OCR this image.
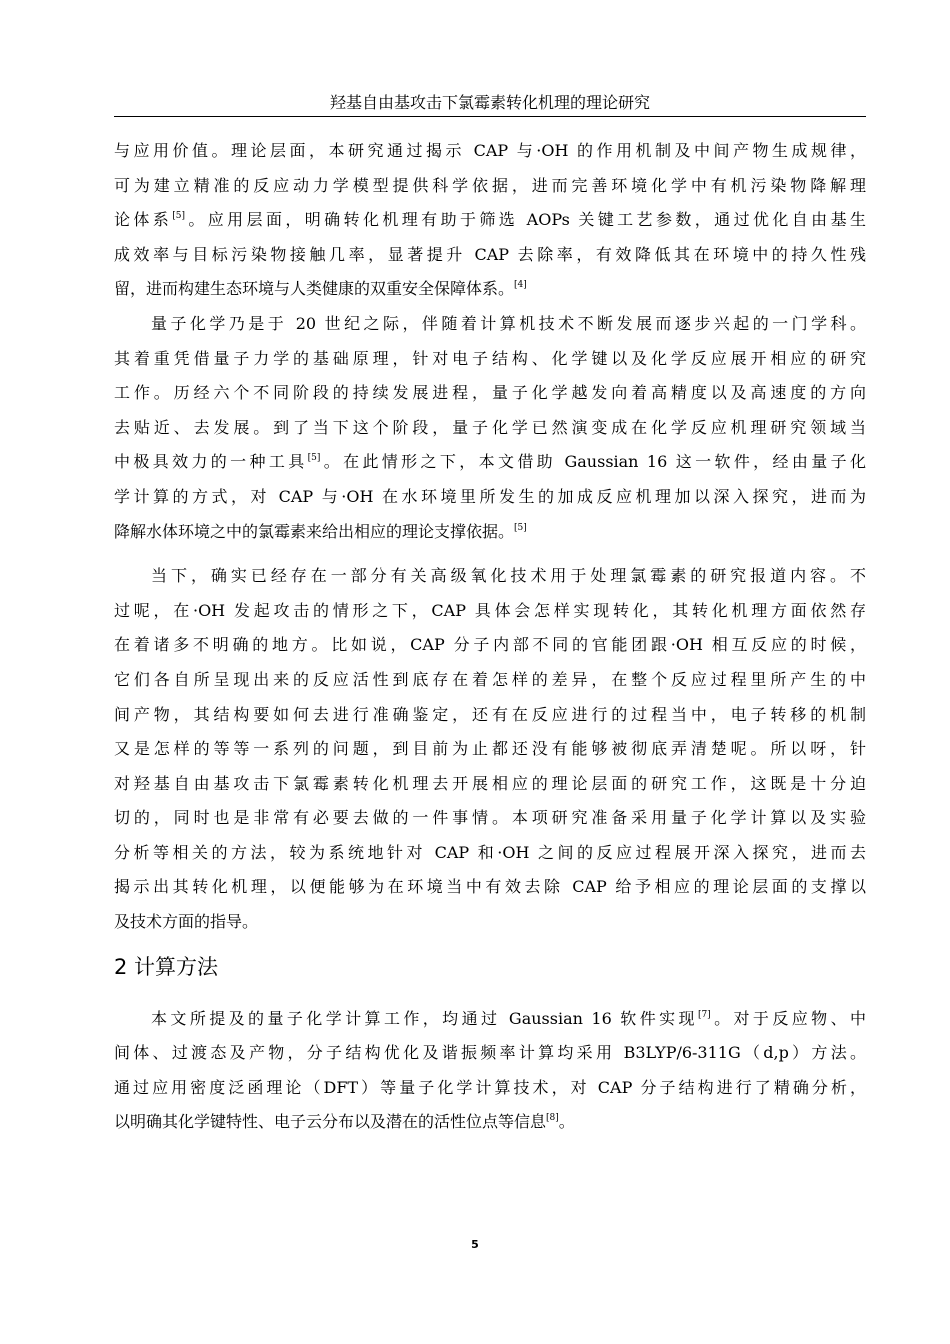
羟基自由基攻击下氯霉素转化机理的理论研究
与应用价值。理论层面，本研究通过揭示 CAP 与·OH 的作用机制及中间产物生成规律，
可为建立精准的反应动力学模型提供科学依据，进而完善环境化学中有机污染物降解理
论体系[5]。应用层面，明确转化机理有助于筛选 AOPs 关键工艺参数，通过优化自由基生
成效率与目标污染物接触几率，显著提升 CAP 去除率，有效降低其在环境中的持久性残
留，进而构建生态环境与人类健康的双重安全保障体系。[4]
量子化学乃是于 20 世纪之际，伴随着计算机技术不断发展而逐步兴起的一门学科。
其着重凭借量子力学的基础原理，针对电子结构、化学键以及化学反应展开相应的研究
工作。历经六个不同阶段的持续发展进程，量子化学越发向着高精度以及高速度的方向
去贴近、去发展。到了当下这个阶段，量子化学已然演变成在化学反应机理研究领域当
中极具效力的一种工具[5]。在此情形之下，本文借助 Gaussian 16 这一软件，经由量子化
学计算的方式，对 CAP 与·OH 在水环境里所发生的加成反应机理加以深入探究，进而为
降解水体环境之中的氯霉素来给出相应的理论支撑依据。[5]
当下，确实已经存在一部分有关高级氧化技术用于处理氯霉素的研究报道内容。不
过呢，在·OH 发起攻击的情形之下，CAP 具体会怎样实现转化，其转化机理方面依然存
在着诸多不明确的地方。比如说，CAP 分子内部不同的官能团跟·OH 相互反应的时候，
它们各自所呈现出来的反应活性到底存在着怎样的差异，在整个反应过程里所产生的中
间产物，其结构要如何去进行准确鉴定，还有在反应进行的过程当中，电子转移的机制
又是怎样的等等一系列的问题，到目前为止都还没有能够被彻底弄清楚呢。所以呀，针
对羟基自由基攻击下氯霉素转化机理去开展相应的理论层面的研究工作，这既是十分迫
切的，同时也是非常有必要去做的一件事情。本项研究准备采用量子化学计算以及实验
分析等相关的方法，较为系统地针对 CAP 和·OH 之间的反应过程展开深入探究，进而去
揭示出其转化机理，以便能够为在环境当中有效去除 CAP 给予相应的理论层面的支撑以
及技术方面的指导。
2 计算方法
本文所提及的量子化学计算工作，均通过 Gaussian 16 软件实现[7]。对于反应物、中
间体、过渡态及产物，分子结构优化及谐振频率计算均采用 B3LYP/6-311G（d,p）方法。
通过应用密度泛函理论（DFT）等量子化学计算技术，对 CAP 分子结构进行了精确分析，
以明确其化学键特性、电子云分布以及潜在的活性位点等信息[8]。
5
